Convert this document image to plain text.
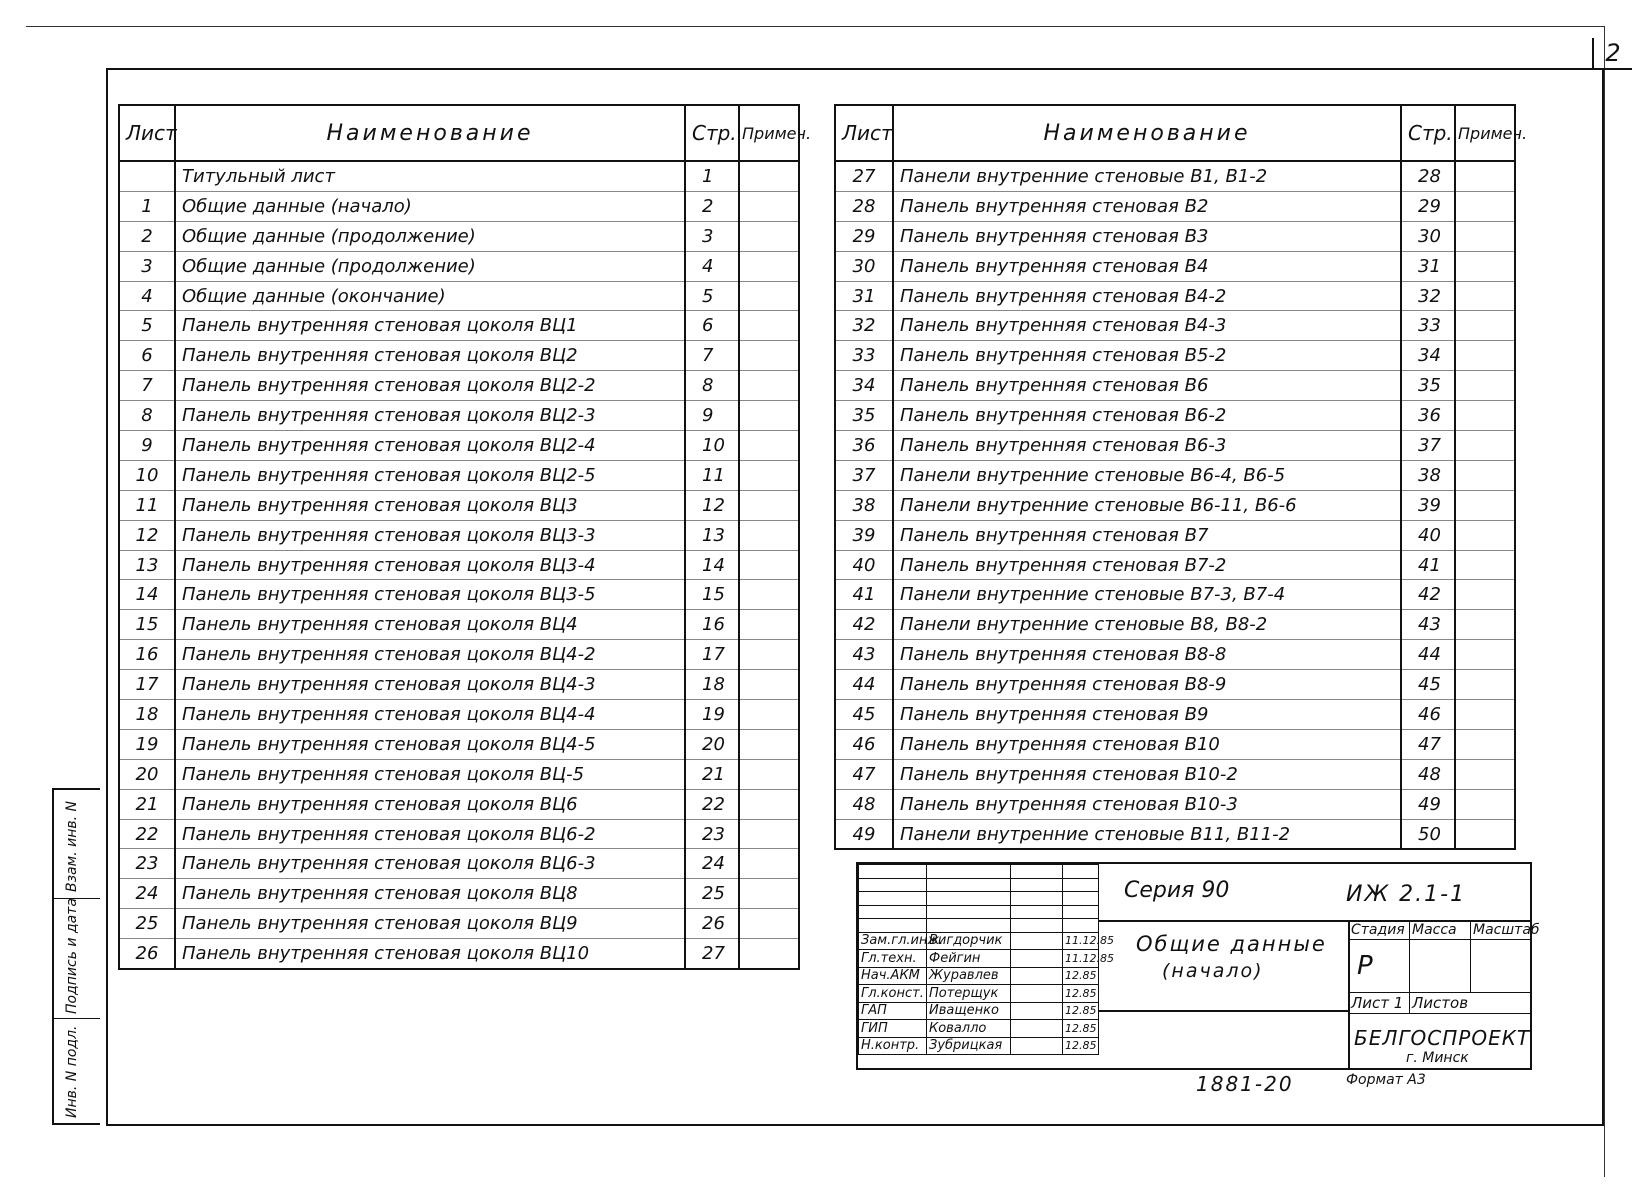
2
Лист	Наименование	Стр.	Примеч.
	Титульный лист	1	
1	Общие данные (начало)	2	
2	Общие данные (продолжение)	3	
3	Общие данные (продолжение)	4	
4	Общие данные (окончание)	5	
5	Панель внутренняя стеновая цоколя ВЦ1	6	
6	Панель внутренняя стеновая цоколя ВЦ2	7	
7	Панель внутренняя стеновая цоколя ВЦ2-2	8	
8	Панель внутренняя стеновая цоколя ВЦ2-3	9	
9	Панель внутренняя стеновая цоколя ВЦ2-4	10	
10	Панель внутренняя стеновая цоколя ВЦ2-5	11	
11	Панель внутренняя стеновая цоколя ВЦ3	12	
12	Панель внутренняя стеновая цоколя ВЦ3-3	13	
13	Панель внутренняя стеновая цоколя ВЦ3-4	14	
14	Панель внутренняя стеновая цоколя ВЦ3-5	15	
15	Панель внутренняя стеновая цоколя ВЦ4	16	
16	Панель внутренняя стеновая цоколя ВЦ4-2	17	
17	Панель внутренняя стеновая цоколя ВЦ4-3	18	
18	Панель внутренняя стеновая цоколя ВЦ4-4	19	
19	Панель внутренняя стеновая цоколя ВЦ4-5	20	
20	Панель внутренняя стеновая цоколя ВЦ-5	21	
21	Панель внутренняя стеновая цоколя ВЦ6	22	
22	Панель внутренняя стеновая цоколя ВЦ6-2	23	
23	Панель внутренняя стеновая цоколя ВЦ6-3	24	
24	Панель внутренняя стеновая цоколя ВЦ8	25	
25	Панель внутренняя стеновая цоколя ВЦ9	26	
26	Панель внутренняя стеновая цоколя ВЦ10	27	
Лист	Наименование	Стр.	Примеч.
27	Панели внутренние стеновые В1, В1-2	28	
28	Панель внутренняя стеновая В2	29	
29	Панель внутренняя стеновая В3	30	
30	Панель внутренняя стеновая В4	31	
31	Панель внутренняя стеновая В4-2	32	
32	Панель внутренняя стеновая В4-3	33	
33	Панель внутренняя стеновая В5-2	34	
34	Панель внутренняя стеновая В6	35	
35	Панель внутренняя стеновая В6-2	36	
36	Панель внутренняя стеновая В6-3	37	
37	Панели внутренние стеновые В6-4, В6-5	38	
38	Панели внутренние стеновые В6-11, В6-6	39	
39	Панель внутренняя стеновая В7	40	
40	Панель внутренняя стеновая В7-2	41	
41	Панели внутренние стеновые В7-3, В7-4	42	
42	Панели внутренние стеновые В8, В8-2	43	
43	Панель внутренняя стеновая В8-8	44	
44	Панель внутренняя стеновая В8-9	45	
45	Панель внутренняя стеновая В9	46	
46	Панель внутренняя стеновая В10	47	
47	Панель внутренняя стеновая В10-2	48	
48	Панель внутренняя стеновая В10-3	49	
49	Панели внутренние стеновые В11, В11-2	50	

Зам.гл.инж.	Вигдорчик		11.12.85
Гл.техн.	Фейгин		11.12.85
Нач.АКМ	Журавлев		12.85
Гл.конст.	Потерщук		12.85
ГАП	Иващенко		12.85
ГИП	Ковалло		12.85
Н.контр.	Зубрицкая		12.85
Серия 90	ИЖ 2.1-1
Общие данные
(начало)
Стадия	Масса	Масштаб
Р		
Лист 1	Листов	
БЕЛГОСПРОЕКТ
г. Минск
1881-20	Формат А3
Взам. инв. N
Подпись и дата
Инв. N подл.
